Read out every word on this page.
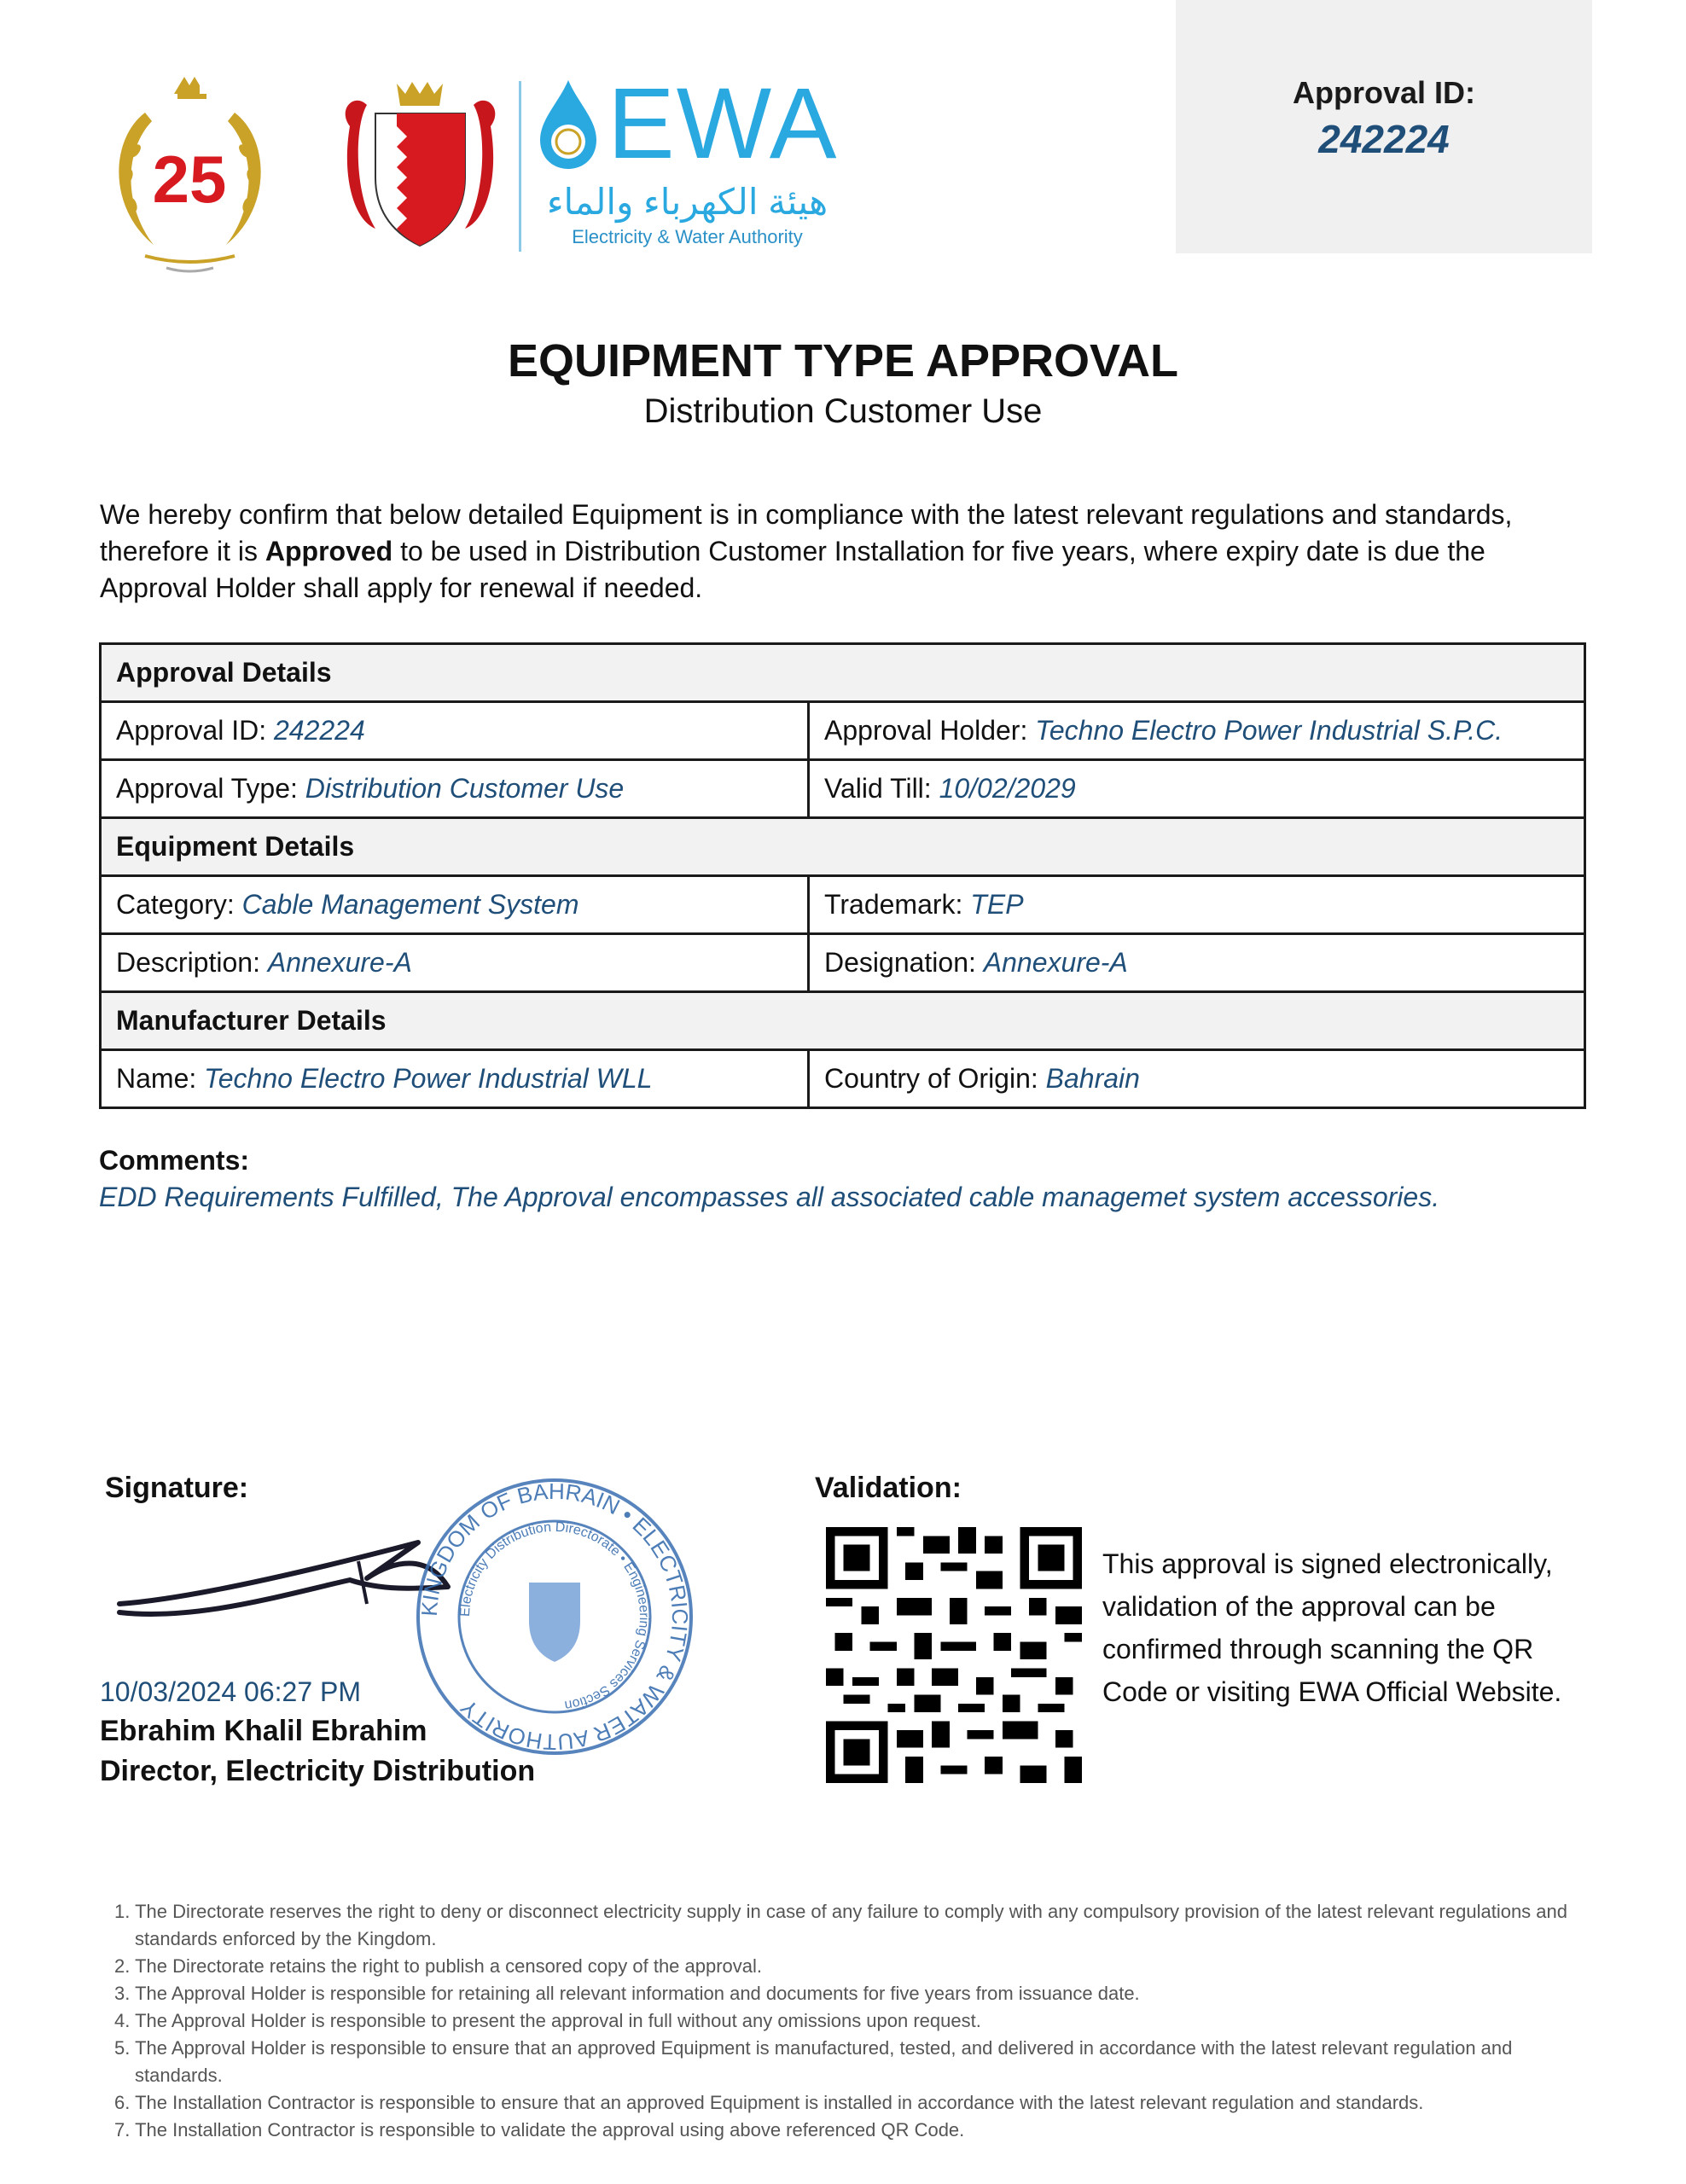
25	EWA
هيئة الكهرباء والماء
Electricity & Water Authority
Approval ID:
242224
EQUIPMENT TYPE APPROVAL
Distribution Customer Use
We hereby confirm that below detailed Equipment is in compliance with the latest relevant regulations and standards, therefore it is Approved to be used in Distribution Customer Installation for five years, where expiry date is due the Approval Holder shall apply for renewal if needed.
Approval Details	
Approval ID: 242224	Approval Holder: Techno Electro Power Industrial S.P.C.
Approval Type: Distribution Customer Use	Valid Till: 10/02/2029
Equipment Details	
Category: Cable Management System	Trademark: TEP
Description: Annexure-A	Designation: Annexure-A
Manufacturer Details	
Name: Techno Electro Power Industrial WLL	Country of Origin: Bahrain
Comments:
EDD Requirements Fulfilled, The Approval encompasses all associated cable managemet system accessories.
Signature:
KINGDOM OF BAHRAIN • ELECTRICITY & WATER AUTHORITY
Electricity Distribution Directorate • Engineering Services Section
10/03/2024 06:27 PM
Ebrahim Khalil Ebrahim
Director, Electricity Distribution
Validation:
This approval is signed electronically, validation of the approval can be confirmed through scanning the QR Code or visiting EWA Official Website.
1. The Directorate reserves the right to deny or disconnect electricity supply in case of any failure to comply with any compulsory provision of the latest relevant regulations and standards enforced by the Kingdom.
2. The Directorate retains the right to publish a censored copy of the approval.
3. The Approval Holder is responsible for retaining all relevant information and documents for five years from issuance date.
4. The Approval Holder is responsible to present the approval in full without any omissions upon request.
5. The Approval Holder is responsible to ensure that an approved Equipment is manufactured, tested, and delivered in accordance with the latest relevant regulation and standards.
6. The Installation Contractor is responsible to ensure that an approved Equipment is installed in accordance with the latest relevant regulation and standards.
7. The Installation Contractor is responsible to validate the approval using above referenced QR Code.
